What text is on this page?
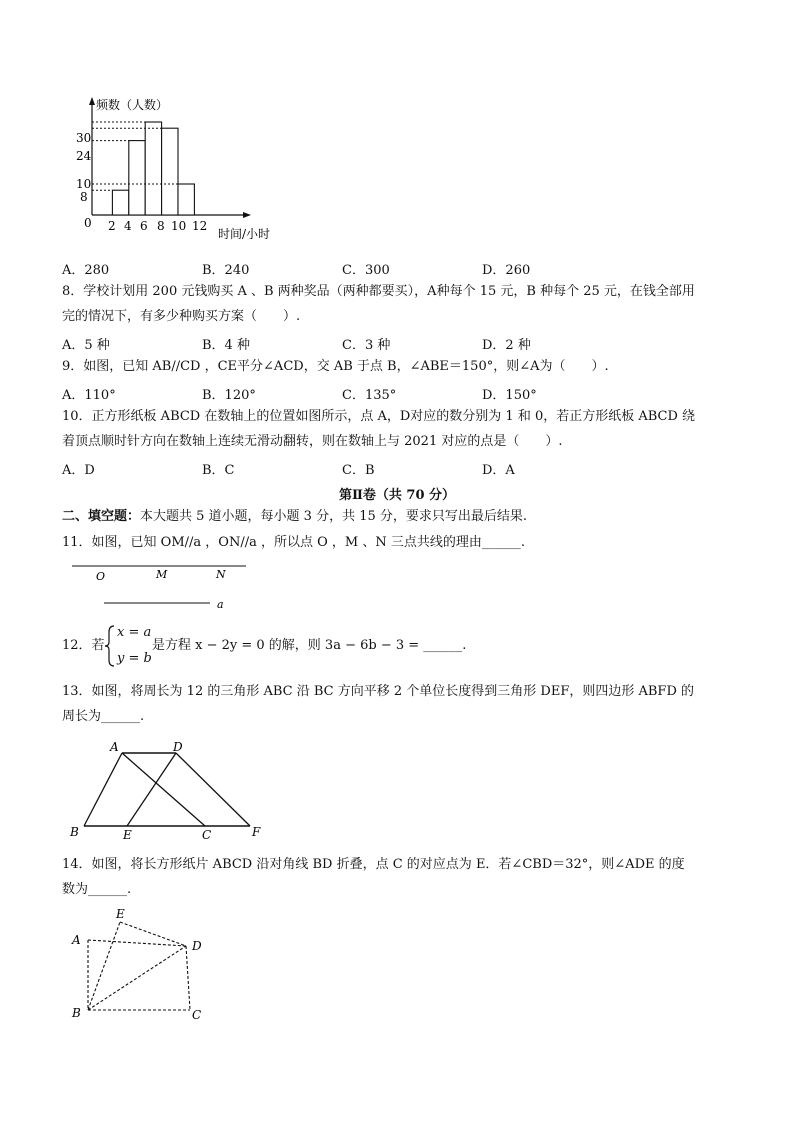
频数（人数）
30
24
10
8
0 2 4 6 8 10 12
时间/小时
A．280	B．240	C．300	D．260
8．学校计划用 200 元钱购买 A 、B 两种奖品（两种都要买），A种每个 15 元，B 种每个 25 元，在钱全部用
完的情况下，有多少种购买方案（　　）.
A．5 种	B．4 种	C．3 种	D．2 种
9．如图，已知 AB//CD ，CE平分∠ACD，交 AB 于点 B，∠ABE＝150°，则∠A为（　　）.
A．110°	B．120°	C．135°	D．150°
10．正方形纸板 ABCD 在数轴上的位置如图所示，点 A，D对应的数分别为 1 和 0，若正方形纸板 ABCD 绕
着顶点顺时针方向在数轴上连续无滑动翻转，则在数轴上与 2021 对应的点是（　　）.
A．D	B．C	C．B	D．A
第Ⅱ卷（共 70 分）
二、填空题：本大题共 5 道小题，每小题 3 分，共 15 分，要求只写出最后结果.
11．如图，已知 OM//a ，ON//a ，所以点 O ，M 、N 三点共线的理由______.
O	M	N
a
12．若
x = a
y = b
是方程 x − 2y = 0 的解，则 3a − 6b − 3 = ______.
13．如图，将周长为 12 的三角形 ABC 沿 BC 方向平移 2 个单位长度得到三角形 DEF，则四边形 ABFD 的
周长为______.
A	D
B	E	C	F
14．如图，将长方形纸片 ABCD 沿对角线 BD 折叠，点 C 的对应点为 E．若∠CBD＝32°，则∠ADE 的度
数为______.
E
A	D
B	C
